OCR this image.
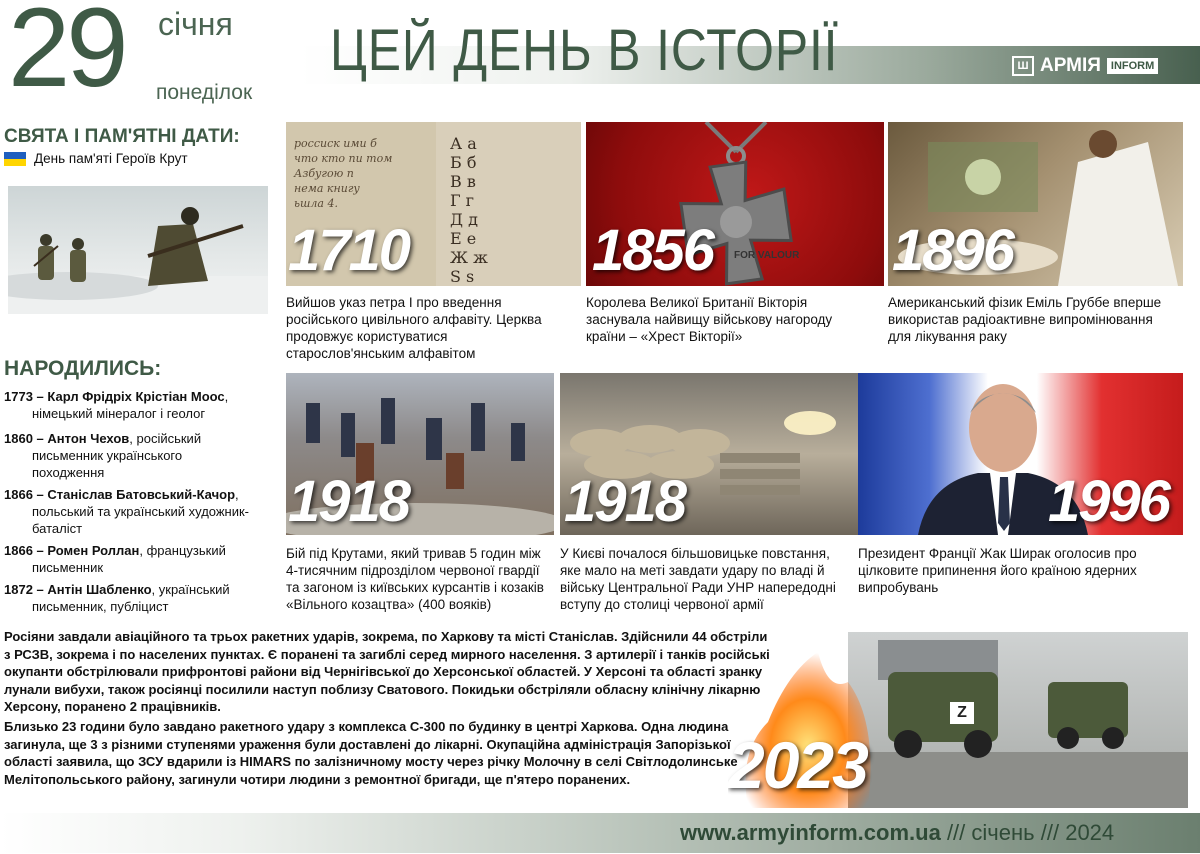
29 січня
понеділок
ЦЕЙ ДЕНЬ В ІСТОРІЇ	Ш АРМІЯ INFORM
СВЯТА І ПАМ'ЯТНІ ДАТИ:
День пам'яті Героїв Крут
НАРОДИЛИСЬ:
1773 – Карл Фрідріх Крістіан Моос,
німецький мінералог і геолог
1860 – Антон Чехов, російський
письменник українського
походження
1866 – Станіслав Батовський-Качор,
польський та український художник-
баталіст
1866 – Ромен Роллан, французький
письменник
1872 – Антін Шабленко, український
письменник, публіцист
россиск ими б
что кто пи том
Азбугою п
нема книгу
ьшла 4.
А а
Б б
В в
Г г
Д д
Е е
Ж ж
S s
1710
Вийшов указ петра І про введення російського цивільного алфавіту. Церква продовжує користуватися старослов'янським алфавітом
FOR VALOUR
1856
Королева Великої Британії Вікторія заснувала найвищу військову нагороду країни – «Хрест Вікторії»
1896
Американський фізик Еміль Груббе вперше використав радіоактивне випромінювання для лікування раку
1918
Бій під Крутами, який тривав 5 годин між 4-тисячним підрозділом червоної гвардії та загоном із київських курсантів і козаків «Вільного козацтва» (400 вояків)
1918
У Києві почалося більшовицьке повстання, яке мало на меті завдати удару по владі й війську Центральної Ради УНР напередодні вступу до столиці червоної армії
1996
Президент Франції Жак Ширак оголосив про цілковите припинення його країною ядерних випробувань
Росіяни завдали авіаційного та трьох ракетних ударів, зокрема, по Харкову та місті Станіслав. Здійснили 44 обстріли з РСЗВ, зокрема і по населених пунктах. Є поранені та загиблі серед мирного населення. З артилерії і танків російські окупанти обстрілювали прифронтові райони від Чернігівської до Херсонської областей. У Херсоні та області зранку лунали вибухи, також росіянці посилили наступ поблизу Сватового. Покидьки обстріляли обласну клінічну лікарню Херсону, поранено 2 працівників.
Близько 23 години було завдано ракетного удару з комплекса С-300 по будинку в центрі Харкова. Одна людина загинула, ще 3 з різними ступенями ураження були доставлені до лікарні. Окупаційна адміністрація Запорізької області заявила, що ЗСУ вдарили із HIMARS по залізничному мосту через річку Молочну в селі Світлодолинське Мелітопольського району, загинули чотири людини з ремонтної бригади, ще п'ятеро поранених.
Z
2023
www.armyinform.com.ua /// січень /// 2024
